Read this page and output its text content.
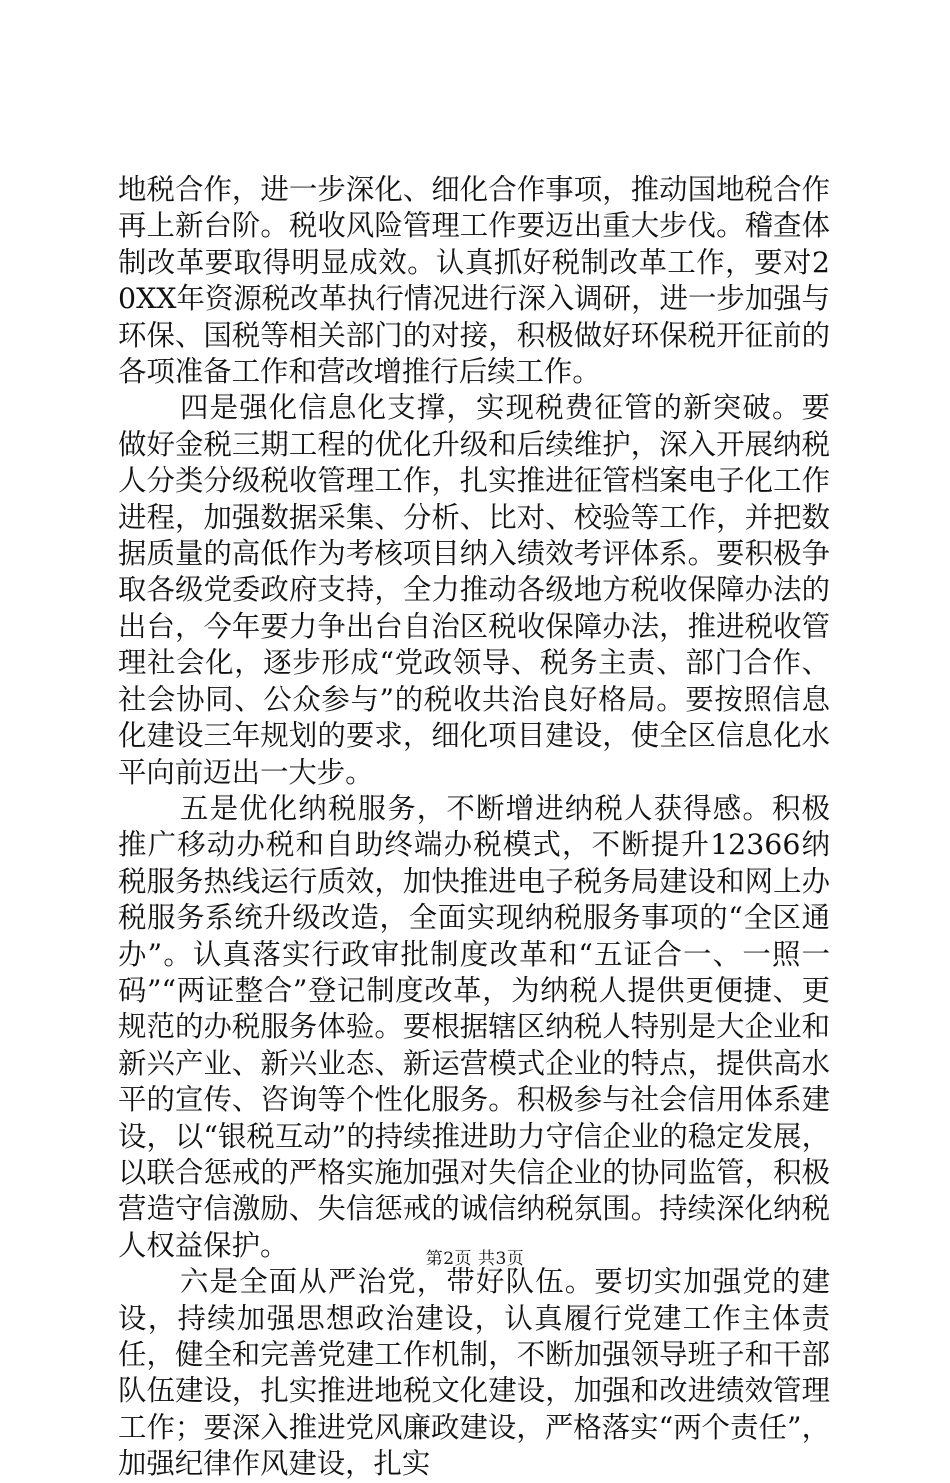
地税合作，进一步深化、细化合作事项，推动国地税合作再上新台阶。税收风险管理工作要迈出重大步伐。稽查体制改革要取得明显成效。认真抓好税制改革工作，要对20XX年资源税改革执行情况进行深入调研，进一步加强与环保、国税等相关部门的对接，积极做好环保税开征前的各项准备工作和营改增推行后续工作。

四是强化信息化支撑，实现税费征管的新突破。要做好金税三期工程的优化升级和后续维护，深入开展纳税人分类分级税收管理工作，扎实推进征管档案电子化工作进程，加强数据采集、分析、比对、校验等工作，并把数据质量的高低作为考核项目纳入绩效考评体系。要积极争取各级党委政府支持，全力推动各级地方税收保障办法的出台，今年要力争出台自治区税收保障办法，推进税收管理社会化，逐步形成“党政领导、税务主责、部门合作、社会协同、公众参与”的税收共治良好格局。要按照信息化建设三年规划的要求，细化项目建设，使全区信息化水平向前迈出一大步。

五是优化纳税服务，不断增进纳税人获得感。积极推广移动办税和自助终端办税模式，不断提升12366纳税服务热线运行质效，加快推进电子税务局建设和网上办税服务系统升级改造，全面实现纳税服务事项的“全区通办”。认真落实行政审批制度改革和“五证合一、一照一码”“两证整合”登记制度改革，为纳税人提供更便捷、更规范的办税服务体验。要根据辖区纳税人特别是大企业和新兴产业、新兴业态、新运营模式企业的特点，提供高水平的宣传、咨询等个性化服务。积极参与社会信用体系建设，以“银税互动”的持续推进助力守信企业的稳定发展，以联合惩戒的严格实施加强对失信企业的协同监管，积极营造守信激励、失信惩戒的诚信纳税氛围。持续深化纳税人权益保护。

六是全面从严治党，带好队伍。要切实加强党的建设，持续加强思想政治建设，认真履行党建工作主体责任，健全和完善党建工作机制，不断加强领导班子和干部队伍建设，扎实推进地税文化建设，加强和改进绩效管理工作；要深入推进党风廉政建设，严格落实“两个责任”，加强纪律作风建设，扎实

第2页 共3页
